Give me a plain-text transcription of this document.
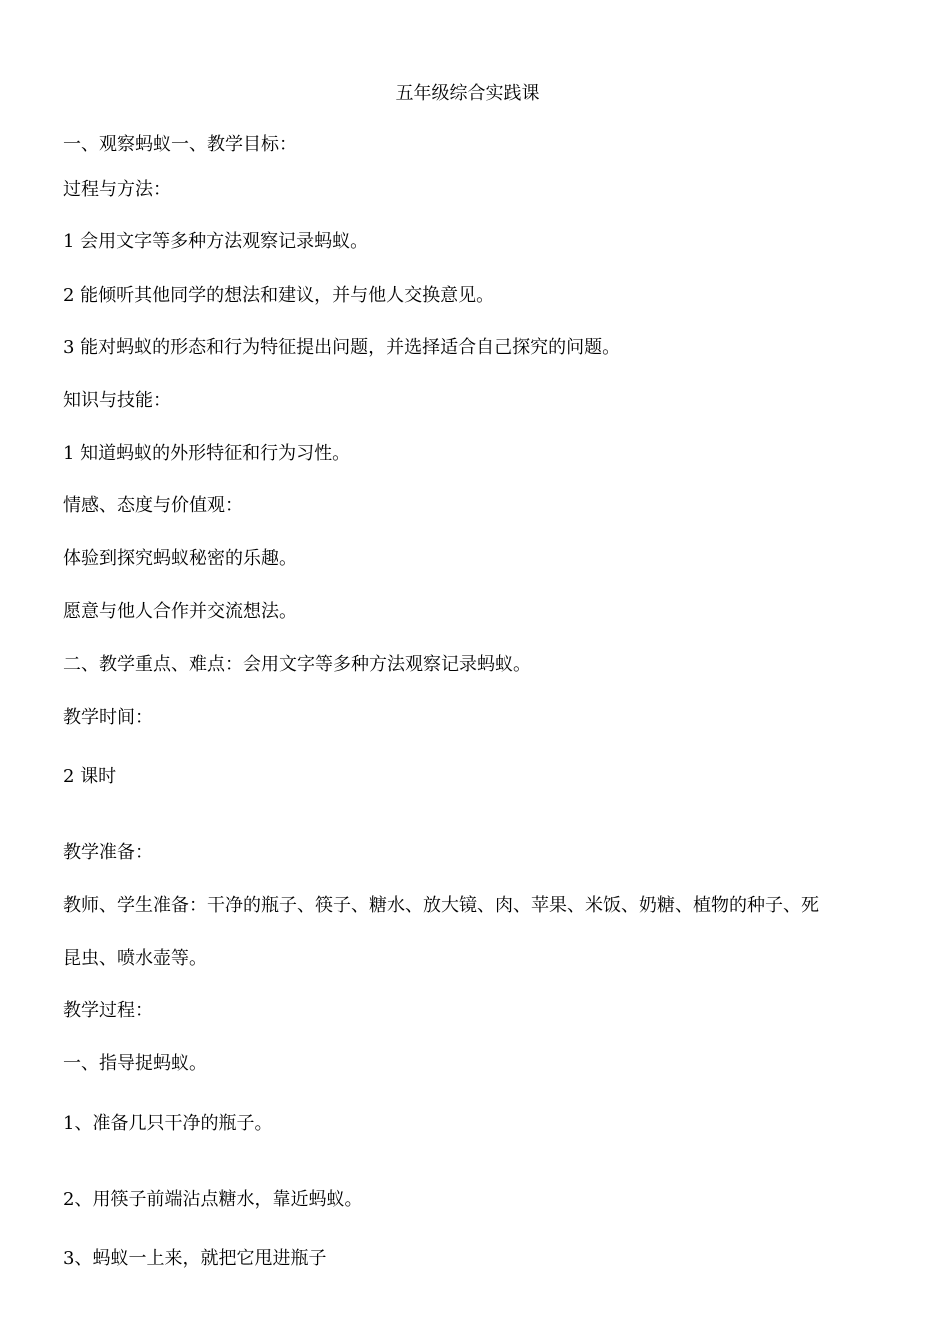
五年级综合实践课
一、观察蚂蚁一、教学目标：
过程与方法：
1 会用文字等多种方法观察记录蚂蚁。
2 能倾听其他同学的想法和建议，并与他人交换意见。
3 能对蚂蚁的形态和行为特征提出问题，并选择适合自己探究的问题。
知识与技能：
1 知道蚂蚁的外形特征和行为习性。
情感、态度与价值观：
体验到探究蚂蚁秘密的乐趣。
愿意与他人合作并交流想法。
二、教学重点、难点：会用文字等多种方法观察记录蚂蚁。
教学时间：
2 课时
教学准备：
教师、学生准备：干净的瓶子、筷子、糖水、放大镜、肉、苹果、米饭、奶糖、植物的种子、死
昆虫、喷水壶等。
教学过程：
一、指导捉蚂蚁。
1、准备几只干净的瓶子。
2、用筷子前端沾点糖水，靠近蚂蚁。
3、蚂蚁一上来，就把它甩进瓶子
